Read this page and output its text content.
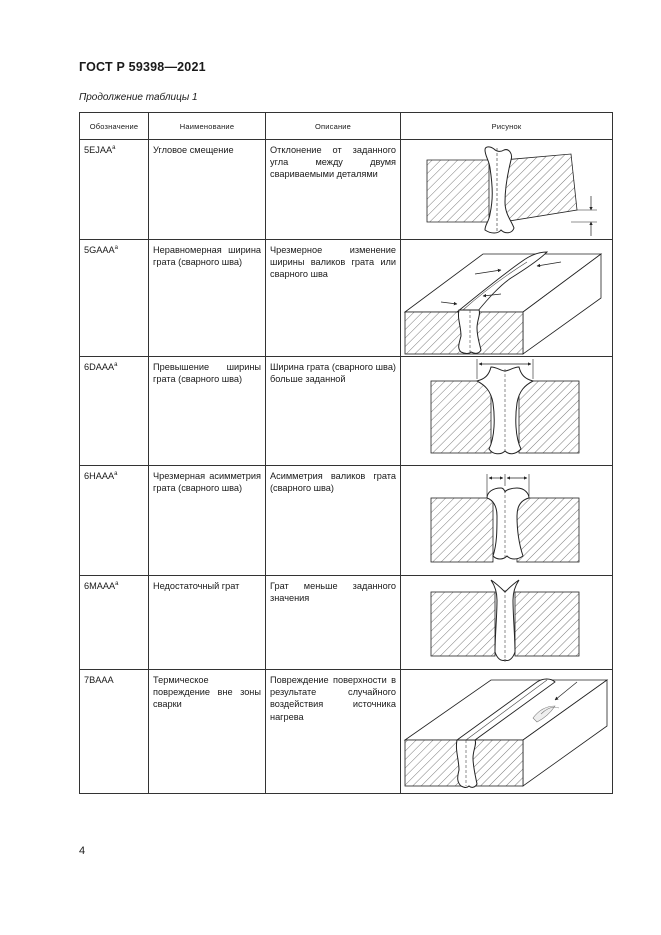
ГОСТ Р 59398—2021
Продолжение таблицы 1
Обозначение	Наименование	Описание	Рисунок
$5EJAA^а$	Угловое смещение	Отклонение от заданного угла между двумя свариваемыми деталями	

$5GAAA^а$	Неравномерная ширина грата (сварного шва)	Чрезмерное изменение ширины валиков грата или сварного шва	

$6DAAA^а$	Превышение ширины грата (сварного шва)	Ширина грата (сварного шва) больше заданной	

$6HAAA^а$	Чрезмерная асимметрия грата (сварного шва)	Асимметрия валиков грата (сварного шва)	

$6MAAA^а$	Недостаточный грат	Грат меньше заданного значения	

7BAAA	Термическое повреждение вне зоны сварки	Повреждение поверхности в результате случайного воздействия источника нагрева	
4
